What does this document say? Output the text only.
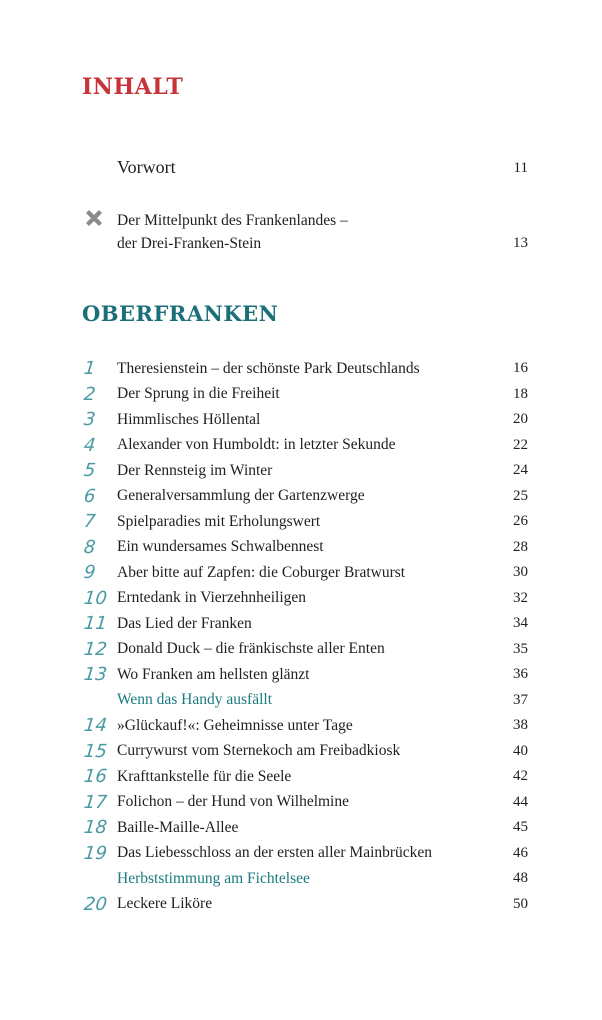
INHALT
Vorwort	11
Der Mittelpunkt des Frankenlandes –
der Drei-Franken-Stein	13
OBERFRANKEN
1	Theresienstein – der schönste Park Deutschlands	16
2	Der Sprung in die Freiheit	18
3	Himmlisches Höllental	20
4	Alexander von Humboldt: in letzter Sekunde	22
5	Der Rennsteig im Winter	24
6	Generalversammlung der Gartenzwerge	25
7	Spielparadies mit Erholungswert	26
8	Ein wundersames Schwalbennest	28
9	Aber bitte auf Zapfen: die Coburger Bratwurst	30
10 Erntedank in Vierzehnheiligen	32
11 Das Lied der Franken	34
12 Donald Duck – die fränkischste aller Enten	35
13 Wo Franken am hellsten glänzt	36
Wenn das Handy ausfällt	37
14 »Glückauf!«: Geheimnisse unter Tage	38
15 Currywurst vom Sternekoch am Freibadkiosk	40
16 Krafttankstelle für die Seele	42
17 Folichon – der Hund von Wilhelmine	44
18 Baille-Maille-Allee	45
19 Das Liebesschloss an der ersten aller Mainbrücken	46
Herbststimmung am Fichtelsee	48
20 Leckere Liköre	50
